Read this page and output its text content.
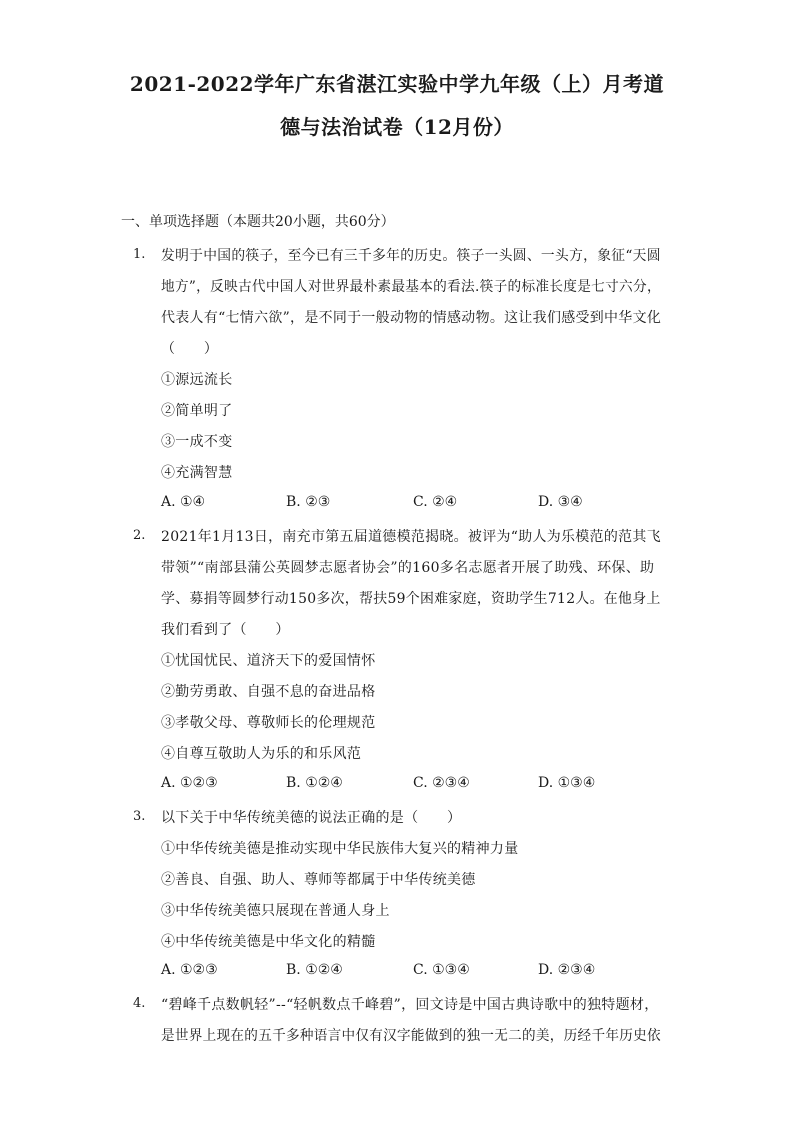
2021-2022学年广东省湛江实验中学九年级（上）月考道
德与法治试卷（12月份）
一、单项选择题（本题共20小题，共60分）
1. 发明于中国的筷子，至今已有三千多年的历史。筷子一头圆、一头方，象征“天圆
地方”，反映古代中国人对世界最朴素最基本的看法.筷子的标准长度是七寸六分，
代表人有“七情六欲”，是不同于一般动物的情感动物。这让我们感受到中华文化
（　　）
①源远流长
②简单明了
③一成不变
④充满智慧
A. ①④	B. ②③	C. ②④	D. ③④
2. 2021年1月13日，南充市第五届道德模范揭晓。被评为“助人为乐模范的范其飞
带领”“南部县蒲公英圆梦志愿者协会”的160多名志愿者开展了助残、环保、助
学、募捐等圆梦行动150多次，帮扶59个困难家庭，资助学生712人。在他身上
我们看到了（　　）
①忧国忧民、道济天下的爱国情怀
②勤劳勇敢、自强不息的奋进品格
③孝敬父母、尊敬师长的伦理规范
④自尊互敬助人为乐的和乐风范
A. ①②③	B. ①②④	C. ②③④	D. ①③④
3. 以下关于中华传统美德的说法正确的是（　　）
①中华传统美德是推动实现中华民族伟大复兴的精神力量
②善良、自强、助人、尊师等都属于中华传统美德
③中华传统美德只展现在普通人身上
④中华传统美德是中华文化的精髓
A. ①②③	B. ①②④	C. ①③④	D. ②③④
4. “碧峰千点数帆轻”--“轻帆数点千峰碧”，回文诗是中国古典诗歌中的独特题材，
是世界上现在的五千多种语言中仅有汉字能做到的独一无二的美，历经千年历史依
